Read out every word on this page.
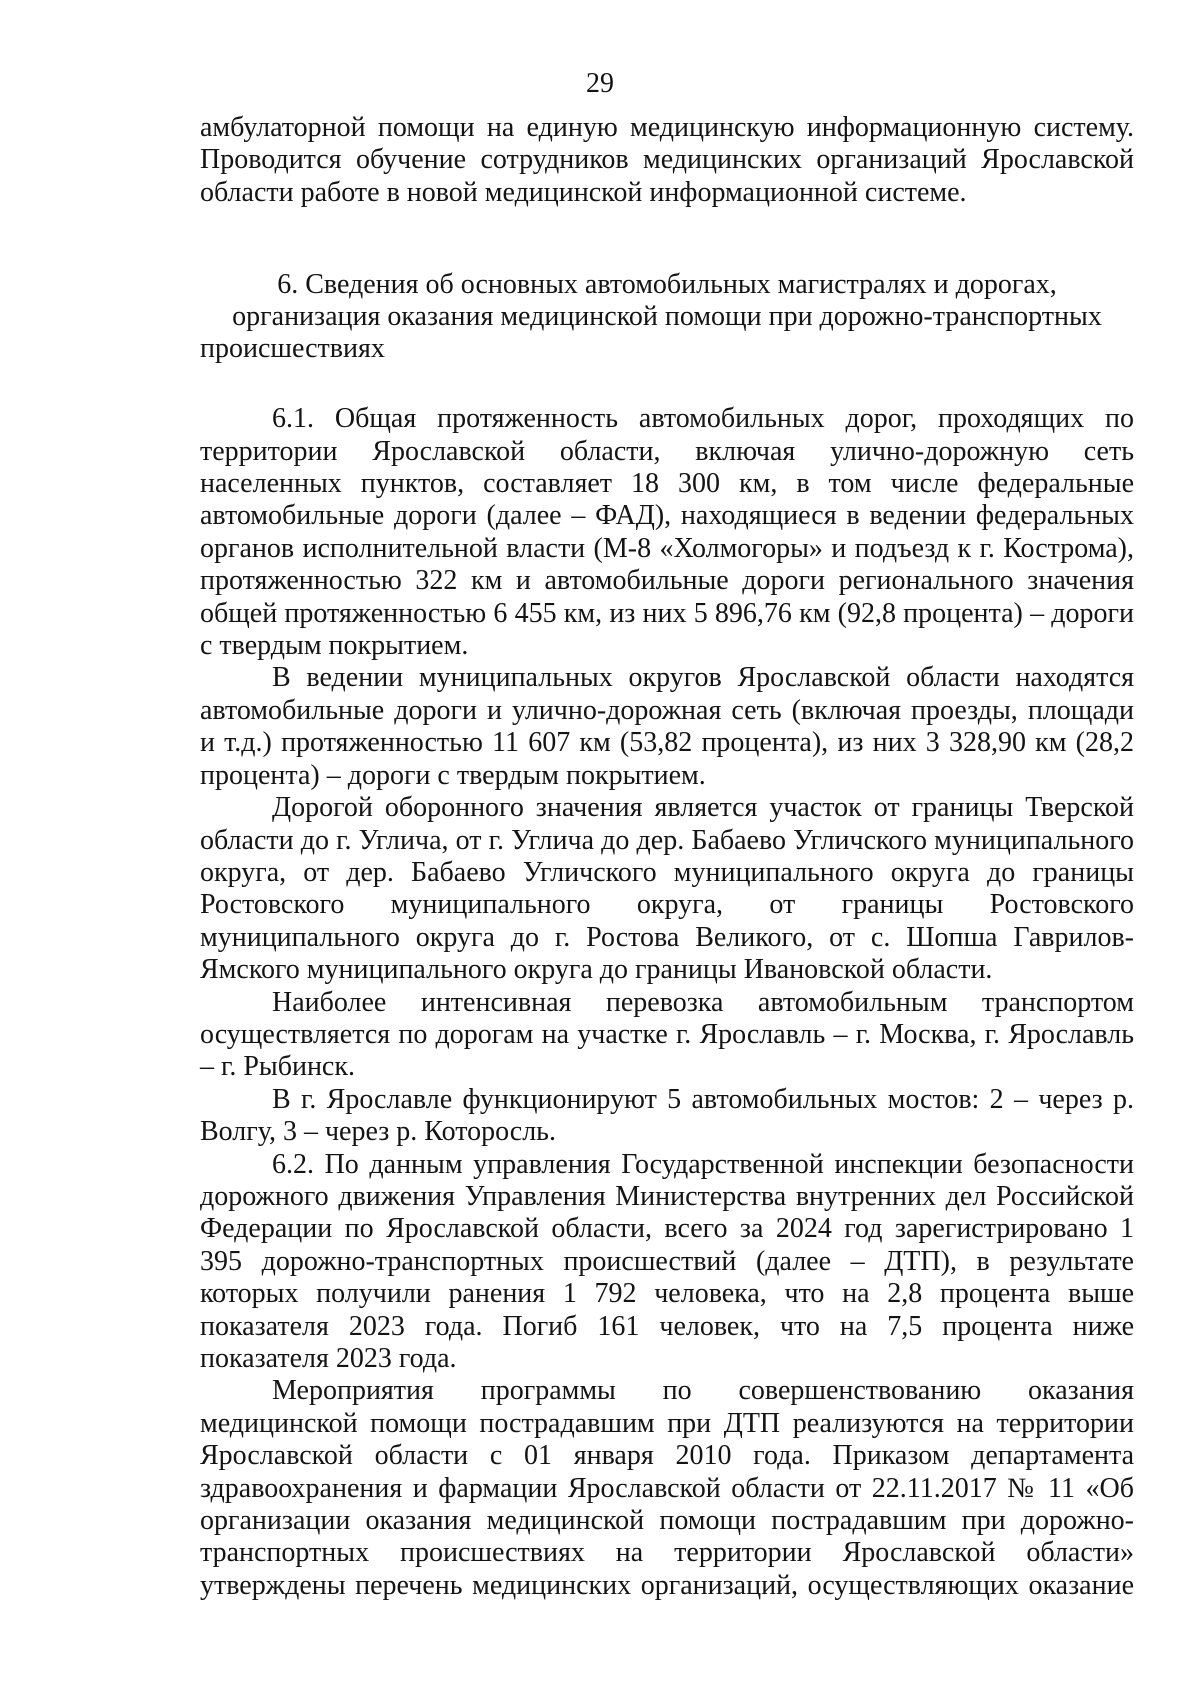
29

амбулаторной помощи на единую медицинскую информационную систему. Проводится обучение сотрудников медицинских организаций Ярославской области работе в новой медицинской информационной системе.

6. Сведения об основных автомобильных магистралях и дорогах, организация оказания медицинской помощи при дорожно-транспортных происшествиях

6.1. Общая протяженность автомобильных дорог, проходящих по территории Ярославской области, включая улично-дорожную сеть населенных пунктов, составляет 18 300 км, в том числе федеральные автомобильные дороги (далее – ФАД), находящиеся в ведении федеральных органов исполнительной власти (М-8 «Холмогоры» и подъезд к г. Кострома), протяженностью 322 км и автомобильные дороги регионального значения общей протяженностью 6 455 км, из них 5 896,76 км (92,8 процента) – дороги с твердым покрытием.

В ведении муниципальных округов Ярославской области находятся автомобильные дороги и улично-дорожная сеть (включая проезды, площади и т.д.) протяженностью 11 607 км (53,82 процента), из них 3 328,90 км (28,2 процента) – дороги с твердым покрытием.

Дорогой оборонного значения является участок от границы Тверской области до г. Углича, от г. Углича до дер. Бабаево Угличского муниципального округа, от дер. Бабаево Угличского муниципального округа до границы Ростовского муниципального округа, от границы Ростовского муниципального округа до г. Ростова Великого, от с. Шопша Гаврилов-Ямского муниципального округа до границы Ивановской области.

Наиболее интенсивная перевозка автомобильным транспортом осуществляется по дорогам на участке г. Ярославль – г. Москва, г. Ярославль – г. Рыбинск.

В г. Ярославле функционируют 5 автомобильных мостов: 2 – через р. Волгу, 3 – через р. Которосль.

6.2. По данным управления Государственной инспекции безопасности дорожного движения Управления Министерства внутренних дел Российской Федерации по Ярославской области, всего за 2024 год зарегистрировано 1 395 дорожно-транспортных происшествий (далее – ДТП), в результате которых получили ранения 1 792 человека, что на 2,8 процента выше показателя 2023 года. Погиб 161 человек, что на 7,5 процента ниже показателя 2023 года.

Мероприятия программы по совершенствованию оказания медицинской помощи пострадавшим при ДТП реализуются на территории Ярославской области с 01 января 2010 года. Приказом департамента здравоохранения и фармации Ярославской области от 22.11.2017 № 11 «Об организации оказания медицинской помощи пострадавшим при дорожно-транспортных происшествиях на территории Ярославской области» утверждены перечень медицинских организаций, осуществляющих оказание
